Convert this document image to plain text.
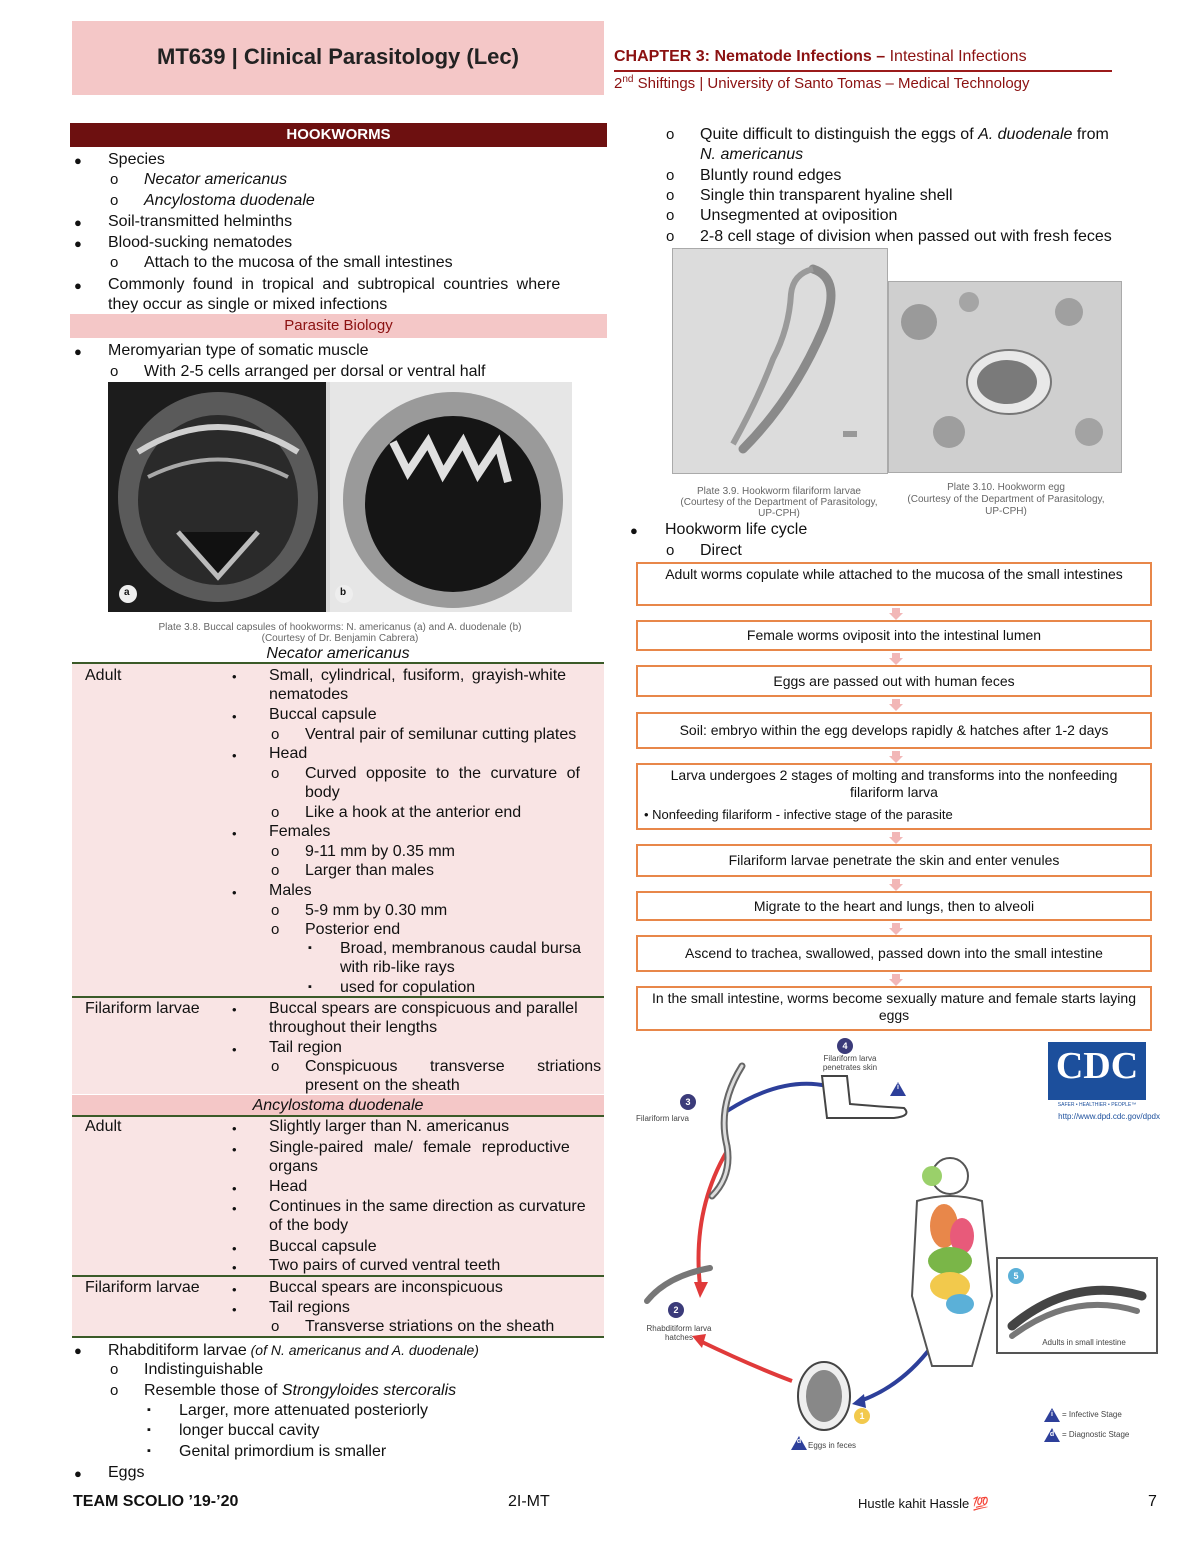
MT639 | Clinical Parasitology (Lec)	CHAPTER 3: Nematode Infections – Intestinal Infections
2nd Shiftings | University of Santo Tomas – Medical Technology
HOOKWORMS
● Species
o Necator americanus
o Ancylostoma duodenale
● Soil-transmitted helminths
● Blood-sucking nematodes
o Attach to the mucosa of the small intestines
● Commonly found in tropical and subtropical countries where
they occur as single or mixed infections
Parasite Biology
● Meromyarian type of somatic muscle
o With 2-5 cells arranged per dorsal or ventral half
a	b
Plate 3.8. Buccal capsules of hookworms: N. americanus (a) and A. duodenale (b)
(Courtesy of Dr. Benjamin Cabrera)
Necator americanus
Adult	• Small, cylindrical, fusiform, grayish-white
nematodes
• Buccal capsule
o Ventral pair of semilunar cutting plates
• Head
o Curved opposite to the curvature of
body
o Like a hook at the anterior end
• Females
o 9-11 mm by 0.35 mm
o Larger than males
• Males
o 5-9 mm by 0.30 mm
o Posterior end
▪ Broad, membranous caudal bursa
with rib-like rays
▪ used for copulation
Filariform larvae • Buccal spears are conspicuous and parallel
throughout their lengths
• Tail region
o Conspicuous transverse striations
present on the sheath
Ancylostoma duodenale
Adult	• Slightly larger than N. americanus
• Single-paired male/ female reproductive
organs
• Head
• Continues in the same direction as curvature
of the body
• Buccal capsule
• Two pairs of curved ventral teeth
Filariform larvae • Buccal spears are inconspicuous
• Tail regions
o Transverse striations on the sheath
● Rhabditiform larvae (of N. americanus and A. duodenale)
o Indistinguishable
o Resemble those of Strongyloides stercoralis
▪ Larger, more attenuated posteriorly
▪ longer buccal cavity
▪ Genital primordium is smaller
● Eggs
o Quite difficult to distinguish the eggs of A. duodenale from
N. americanus
o Bluntly round edges
o Single thin transparent hyaline shell
o Unsegmented at oviposition
o 2-8 cell stage of division when passed out with fresh feces
Plate 3.9. Hookworm filariform larvae
(Courtesy of the Department of Parasitology,
UP-CPH)
Plate 3.10. Hookworm egg
(Courtesy of the Department of Parasitology,
UP-CPH)
● Hookworm life cycle
o Direct
Adult worms copulate while attached to the mucosa of the small intestines
Female worms oviposit into the intestinal lumen
Eggs are passed out with human feces
Soil: embryo within the egg develops rapidly & hatches after 1-2 days
Larva undergoes 2 stages of molting and transforms into the nonfeeding filariform larva
• Nonfeeding filariform - infective stage of the parasite
Filariform larvae penetrate the skin and enter venules
Migrate to the heart and lungs, then to alveoli
Ascend to trachea, swallowed, passed down into the small intestine
In the small intestine, worms become sexually mature and female starts laying eggs
CDC
SAFER • HEALTHIER • PEOPLE™
http://www.dpd.cdc.gov/dpdx
3
4
5
2
1
i
d
Filariform larva
Filariform larva penetrates skin
Rhabditiform larva hatches
Adults in small intestine
Eggs in feces
= Infective Stage
= Diagnostic Stage
i
d
TEAM SCOLIO ’19-’20	2I-MT	Hustle kahit Hassle 💯	7
